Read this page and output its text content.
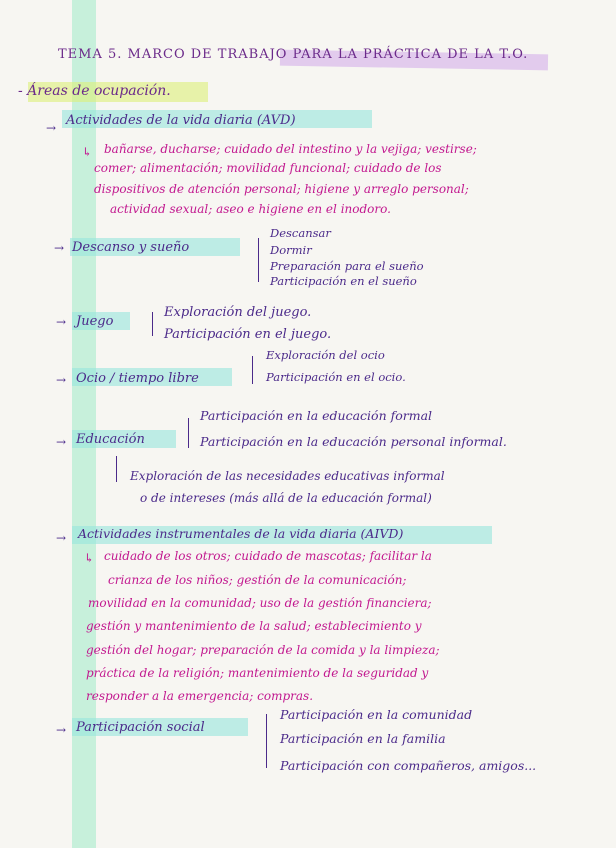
TEMA 5. MARCO DE TRABAJO PARA LA PRÁCTICA DE LA T.O.
- Áreas de ocupación.
→ Actividades de la vida diaria (AVD)
↳ bañarse, ducharse; cuidado del intestino y la vejiga; vestirse;
comer; alimentación; movilidad funcional; cuidado de los
dispositivos de atención personal; higiene y arreglo personal;
actividad sexual; aseo e higiene en el inodoro.
→ Descanso y sueño
Descansar
Dormir
Preparación para el sueño
Participación en el sueño
→ Juego
Exploración del juego.
Participación en el juego.
→ Ocio / tiempo libre
Exploración del ocio
Participación en el ocio.
→ Educación
Participación en la educación formal
Participación en la educación personal informal.
Exploración de las necesidades educativas informal
o de intereses (más allá de la educación formal)
→ Actividades instrumentales de la vida diaria (AIVD)
↳ cuidado de los otros; cuidado de mascotas; facilitar la
crianza de los niños; gestión de la comunicación;
movilidad en la comunidad; uso de la gestión financiera;
gestión y mantenimiento de la salud; establecimiento y
gestión del hogar; preparación de la comida y la limpieza;
práctica de la religión; mantenimiento de la seguridad y
responder a la emergencia; compras.
→ Participación social
Participación en la comunidad
Participación en la familia
Participación con compañeros, amigos...
